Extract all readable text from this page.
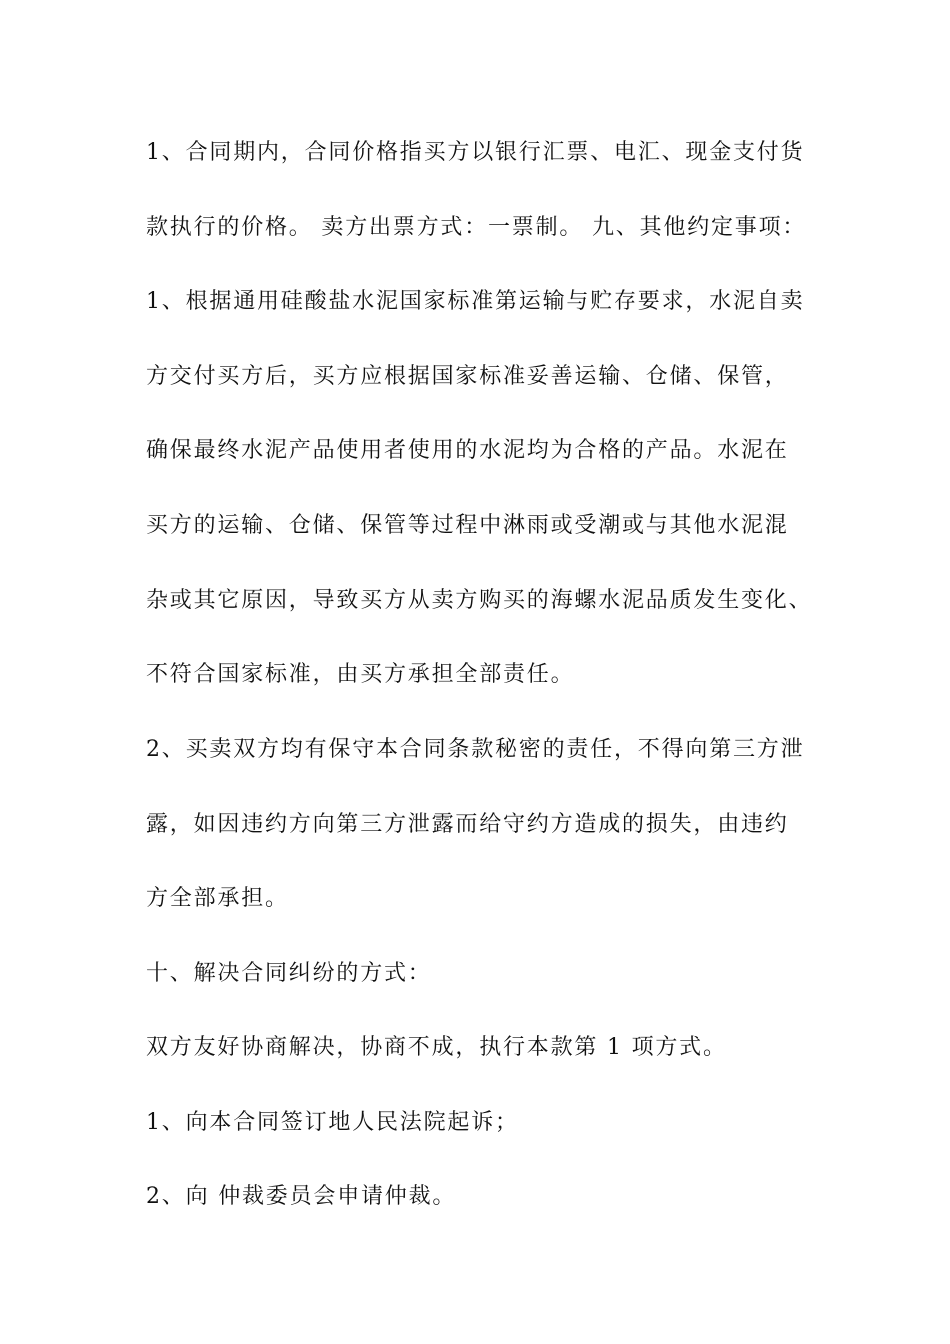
1、合同期内，合同价格指买方以银行汇票、电汇、现金支付货
款执行的价格。 卖方出票方式：一票制。 九、其他约定事项：
1、根据通用硅酸盐水泥国家标准第运输与贮存要求，水泥自卖
方交付买方后，买方应根据国家标准妥善运输、仓储、保管，
确保最终水泥产品使用者使用的水泥均为合格的产品。水泥在
买方的运输、仓储、保管等过程中淋雨或受潮或与其他水泥混
杂或其它原因，导致买方从卖方购买的海螺水泥品质发生变化、
不符合国家标准，由买方承担全部责任。
2、买卖双方均有保守本合同条款秘密的责任，不得向第三方泄
露，如因违约方向第三方泄露而给守约方造成的损失，由违约
方全部承担。
十、解决合同纠纷的方式：
双方友好协商解决，协商不成，执行本款第 1 项方式。
1、向本合同签订地人民法院起诉；
2、向 仲裁委员会申请仲裁。
